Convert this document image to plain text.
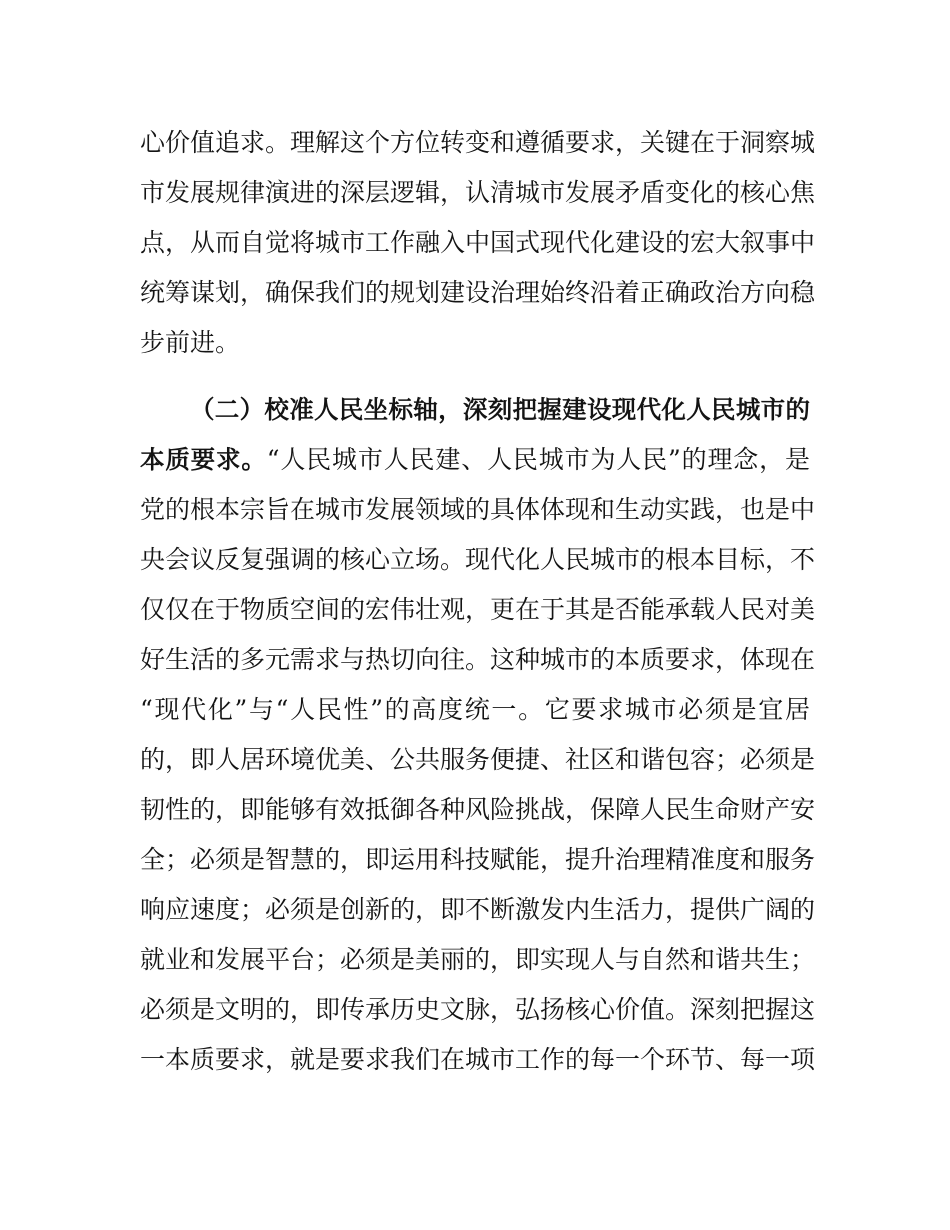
心价值追求。理解这个方位转变和遵循要求，关键在于洞察城
市发展规律演进的深层逻辑，认清城市发展矛盾变化的核心焦
点，从而自觉将城市工作融入中国式现代化建设的宏大叙事中
统筹谋划，确保我们的规划建设治理始终沿着正确政治方向稳
步前进。
（二）校准人民坐标轴，深刻把握建设现代化人民城市的
本质要求。“人民城市人民建、人民城市为人民”的理念，是
党的根本宗旨在城市发展领域的具体体现和生动实践，也是中
央会议反复强调的核心立场。现代化人民城市的根本目标，不
仅仅在于物质空间的宏伟壮观，更在于其是否能承载人民对美
好生活的多元需求与热切向往。这种城市的本质要求，体现在
“现代化”与“人民性”的高度统一。它要求城市必须是宜居
的，即人居环境优美、公共服务便捷、社区和谐包容；必须是
韧性的，即能够有效抵御各种风险挑战，保障人民生命财产安
全；必须是智慧的，即运用科技赋能，提升治理精准度和服务
响应速度；必须是创新的，即不断激发内生活力，提供广阔的
就业和发展平台；必须是美丽的，即实现人与自然和谐共生；
必须是文明的，即传承历史文脉，弘扬核心价值。深刻把握这
一本质要求，就是要求我们在城市工作的每一个环节、每一项
